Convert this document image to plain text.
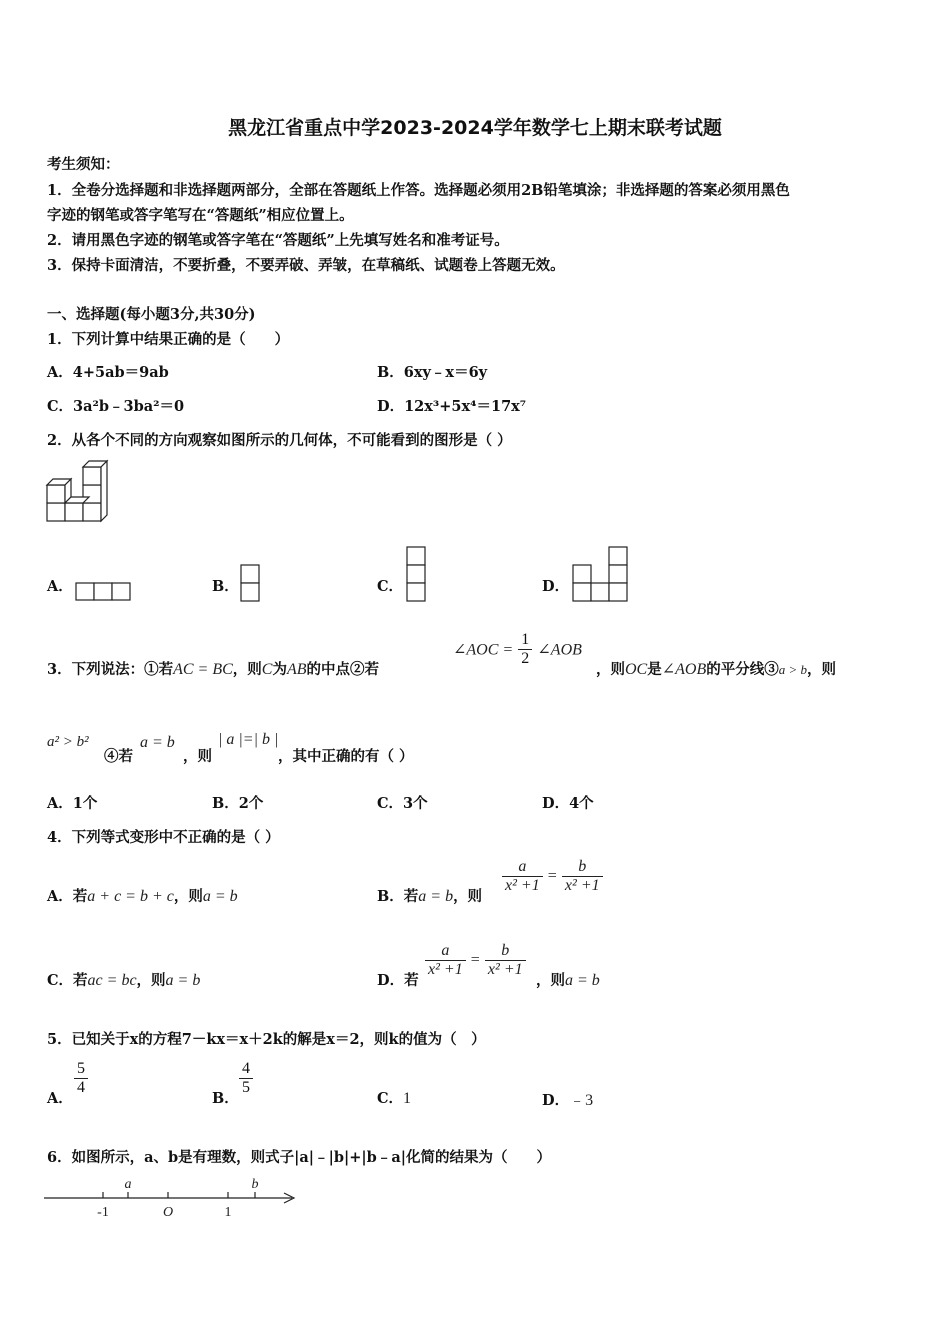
黑龙江省重点中学2023-2024学年数学七上期末联考试题
考生须知：
1．全卷分选择题和非选择题两部分，全部在答题纸上作答。选择题必须用2B铅笔填涂；非选择题的答案必须用黑色
字迹的钢笔或答字笔写在“答题纸”相应位置上。
2．请用黑色字迹的钢笔或答字笔在“答题纸”上先填写姓名和准考证号。
3．保持卡面清洁，不要折叠，不要弄破、弄皱，在草稿纸、试题卷上答题无效。
一、选择题(每小题3分,共30分)
1．下列计算中结果正确的是（　　）
A．4+5ab＝9ab	B．6xy﹣x＝6y
C．3a²b﹣3ba²＝0	D．12x³+5x⁴＝17x⁷
2．从各个不同的方向观察如图所示的几何体，不可能看到的图形是（ ）
A．	B．	C．	D．
3．下列说法：①若AC = BC，则C为AB的中点②若
∠AOC = $\frac{1}{2}$ ∠AOB
，则OC是∠AOB的平分线③a > b，则
a² > b²
④若
a = b
，则
| a |=| b |
，其中正确的有（ ）
A．1个	B．2个	C．3个	D．4个
4．下列等式变形中不正确的是（ ）
A．若a + c = b + c，则a = b	B．若a = b，则
$\frac{a}{\text{x² +1}} = \frac{b}{\text{x² +1}}$
C．若ac = bc，则a = b	D．若
$\frac{a}{\text{x² +1}} = \frac{b}{\text{x² +1}}$
，则a = b
5．已知关于x的方程7－kx＝x＋2k的解是x＝2，则k的值为（　）
A．
$\frac{5}{4}$
B．
$\frac{4}{5}$
C．1	D．﹣3
6．如图所示，a、b是有理数，则式子|a|﹣|b|+|b﹣a|化简的结果为（　　）
a	b
-1	O	1
